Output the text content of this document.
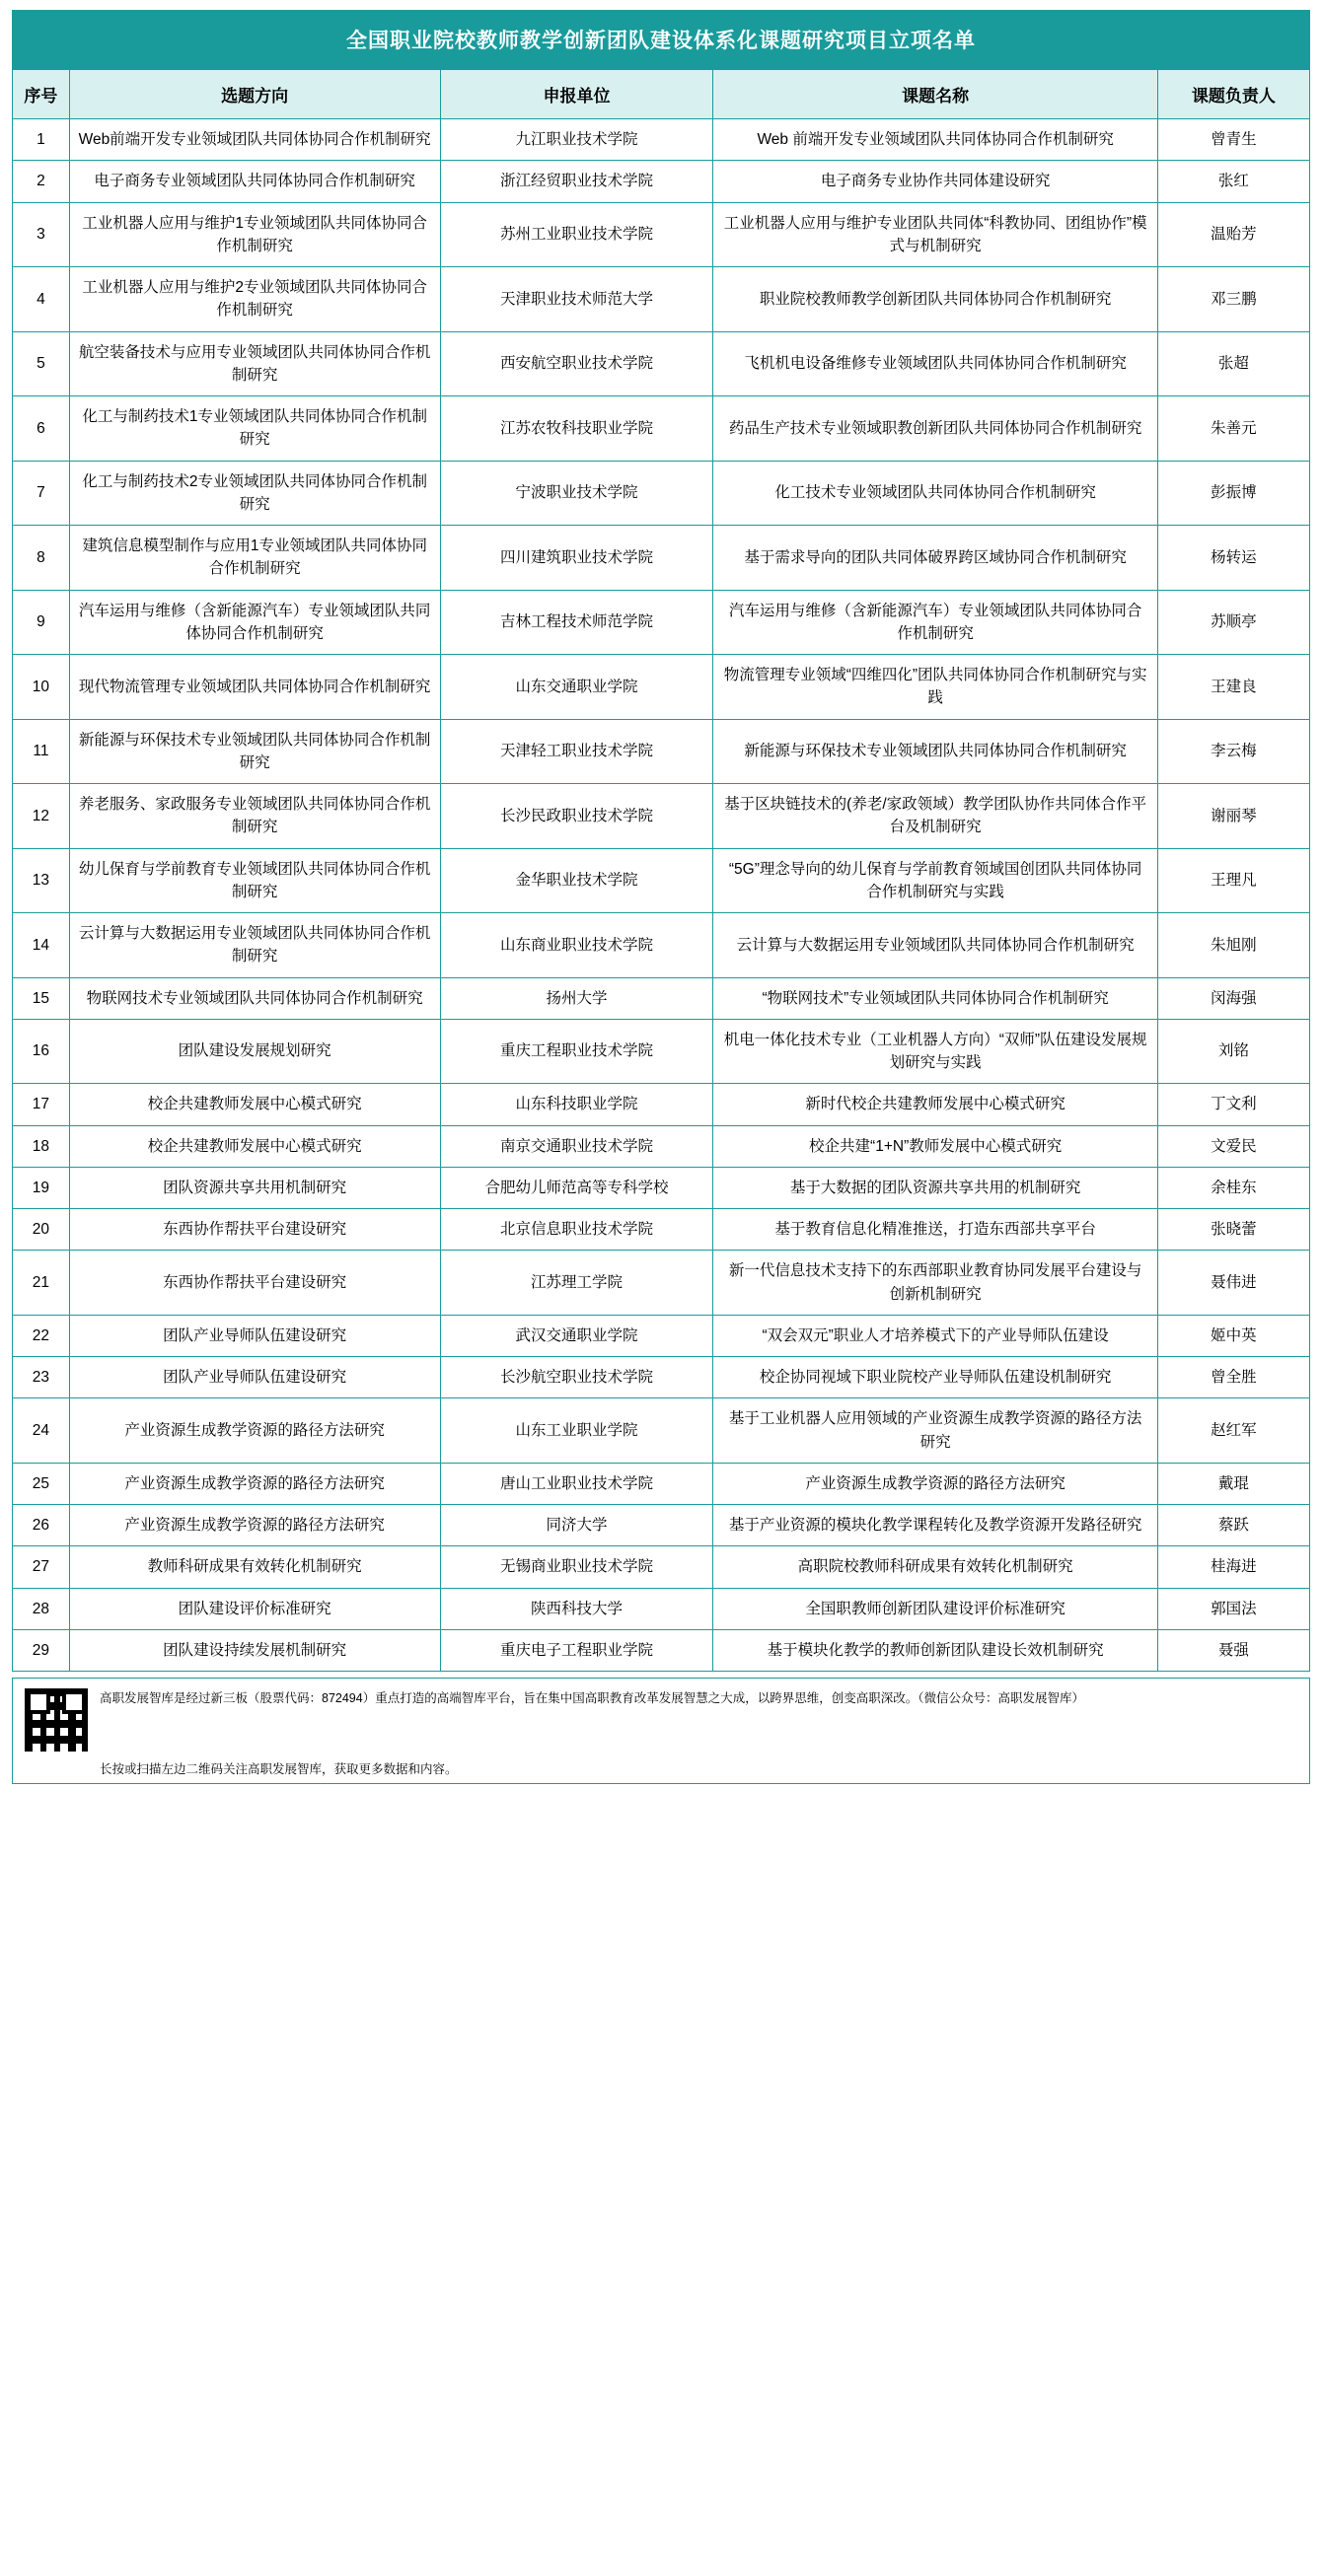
全国职业院校教师教学创新团队建设体系化课题研究项目立项名单
序号	选题方向	申报单位	课题名称	课题负责人
1	Web前端开发专业领域团队共同体协同合作机制研究	九江职业技术学院	Web 前端开发专业领域团队共同体协同合作机制研究	曾青生
2	电子商务专业领域团队共同体协同合作机制研究	浙江经贸职业技术学院	电子商务专业协作共同体建设研究	张红
3	工业机器人应用与维护1专业领域团队共同体协同合作机制研究	苏州工业职业技术学院	工业机器人应用与维护专业团队共同体“科教协同、团组协作”模式与机制研究	温贻芳
4	工业机器人应用与维护2专业领域团队共同体协同合作机制研究	天津职业技术师范大学	职业院校教师教学创新团队共同体协同合作机制研究	邓三鹏
5	航空装备技术与应用专业领域团队共同体协同合作机制研究	西安航空职业技术学院	飞机机电设备维修专业领域团队共同体协同合作机制研究	张超
6	化工与制药技术1专业领域团队共同体协同合作机制研究	江苏农牧科技职业学院	药品生产技术专业领域职教创新团队共同体协同合作机制研究	朱善元
7	化工与制药技术2专业领域团队共同体协同合作机制研究	宁波职业技术学院	化工技术专业领域团队共同体协同合作机制研究	彭振博
8	建筑信息模型制作与应用1专业领域团队共同体协同合作机制研究	四川建筑职业技术学院	基于需求导向的团队共同体破界跨区域协同合作机制研究	杨转运
9	汽车运用与维修（含新能源汽车）专业领域团队共同体协同合作机制研究	吉林工程技术师范学院	汽车运用与维修（含新能源汽车）专业领域团队共同体协同合作机制研究	苏顺亭
10	现代物流管理专业领域团队共同体协同合作机制研究	山东交通职业学院	物流管理专业领域“四维四化”团队共同体协同合作机制研究与实践	王建良
11	新能源与环保技术专业领域团队共同体协同合作机制研究	天津轻工职业技术学院	新能源与环保技术专业领域团队共同体协同合作机制研究	李云梅
12	养老服务、家政服务专业领域团队共同体协同合作机制研究	长沙民政职业技术学院	基于区块链技术的(养老/家政领域）教学团队协作共同体合作平台及机制研究	谢丽琴
13	幼儿保育与学前教育专业领域团队共同体协同合作机制研究	金华职业技术学院	“5G”理念导向的幼儿保育与学前教育领域国创团队共同体协同合作机制研究与实践	王理凡
14	云计算与大数据运用专业领域团队共同体协同合作机制研究	山东商业职业技术学院	云计算与大数据运用专业领域团队共同体协同合作机制研究	朱旭刚
15	物联网技术专业领域团队共同体协同合作机制研究	扬州大学	“物联网技术”专业领域团队共同体协同合作机制研究	闵海强
16	团队建设发展规划研究	重庆工程职业技术学院	机电一体化技术专业（工业机器人方向）“双师”队伍建设发展规划研究与实践	刘铭
17	校企共建教师发展中心模式研究	山东科技职业学院	新时代校企共建教师发展中心模式研究	丁文利
18	校企共建教师发展中心模式研究	南京交通职业技术学院	校企共建“1+N”教师发展中心模式研究	文爱民
19	团队资源共享共用机制研究	合肥幼儿师范高等专科学校	基于大数据的团队资源共享共用的机制研究	余桂东
20	东西协作帮扶平台建设研究	北京信息职业技术学院	基于教育信息化精准推送，打造东西部共享平台	张晓蕾
21	东西协作帮扶平台建设研究	江苏理工学院	新一代信息技术支持下的东西部职业教育协同发展平台建设与创新机制研究	聂伟进
22	团队产业导师队伍建设研究	武汉交通职业学院	“双会双元”职业人才培养模式下的产业导师队伍建设	姬中英
23	团队产业导师队伍建设研究	长沙航空职业技术学院	校企协同视域下职业院校产业导师队伍建设机制研究	曾全胜
24	产业资源生成教学资源的路径方法研究	山东工业职业学院	基于工业机器人应用领域的产业资源生成教学资源的路径方法研究	赵红军
25	产业资源生成教学资源的路径方法研究	唐山工业职业技术学院	产业资源生成教学资源的路径方法研究	戴琨
26	产业资源生成教学资源的路径方法研究	同济大学	基于产业资源的模块化教学课程转化及教学资源开发路径研究	蔡跃
27	教师科研成果有效转化机制研究	无锡商业职业技术学院	高职院校教师科研成果有效转化机制研究	桂海进
28	团队建设评价标准研究	陕西科技大学	全国职教师创新团队建设评价标准研究	郭国法
29	团队建设持续发展机制研究	重庆电子工程职业学院	基于模块化教学的教师创新团队建设长效机制研究	聂强
高职发展智库是经过新三板（股票代码：872494）重点打造的高端智库平台，旨在集中国高职教育改革发展智慧之大成，以跨界思维，创变高职深改。（微信公众号：高职发展智库）
长按或扫描左边二维码关注高职发展智库，获取更多数据和内容。
